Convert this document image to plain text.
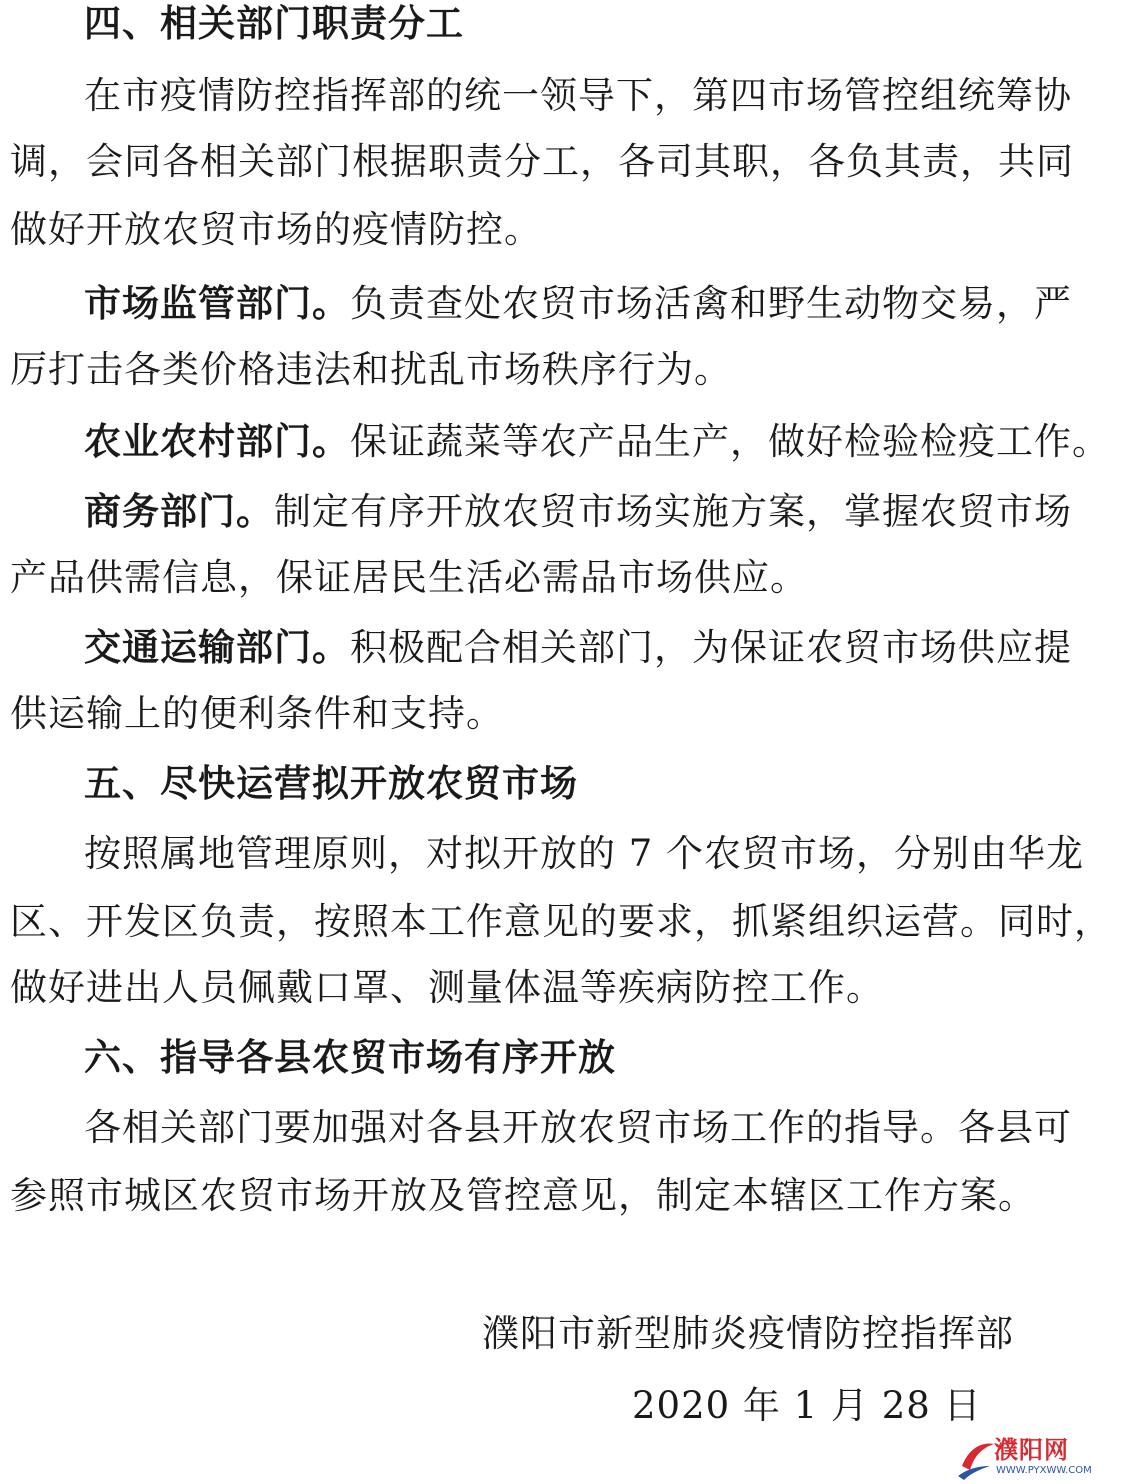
四、相关部门职责分工
在市疫情防控指挥部的统一领导下，第四市场管控组统筹协
调，会同各相关部门根据职责分工，各司其职，各负其责，共同
做好开放农贸市场的疫情防控。
市场监管部门。负责查处农贸市场活禽和野生动物交易，严
厉打击各类价格违法和扰乱市场秩序行为。
农业农村部门。保证蔬菜等农产品生产，做好检验检疫工作。
商务部门。制定有序开放农贸市场实施方案，掌握农贸市场
产品供需信息，保证居民生活必需品市场供应。
交通运输部门。积极配合相关部门，为保证农贸市场供应提
供运输上的便利条件和支持。
五、尽快运营拟开放农贸市场
按照属地管理原则，对拟开放的 7 个农贸市场，分别由华龙
区、开发区负责，按照本工作意见的要求，抓紧组织运营。同时，
做好进出人员佩戴口罩、测量体温等疾病防控工作。
六、指导各县农贸市场有序开放
各相关部门要加强对各县开放农贸市场工作的指导。各县可
参照市城区农贸市场开放及管控意见，制定本辖区工作方案。
濮阳市新型肺炎疫情防控指挥部
2020 年 1 月 28 日
濮阳网
WWW.PYXWW.COM
